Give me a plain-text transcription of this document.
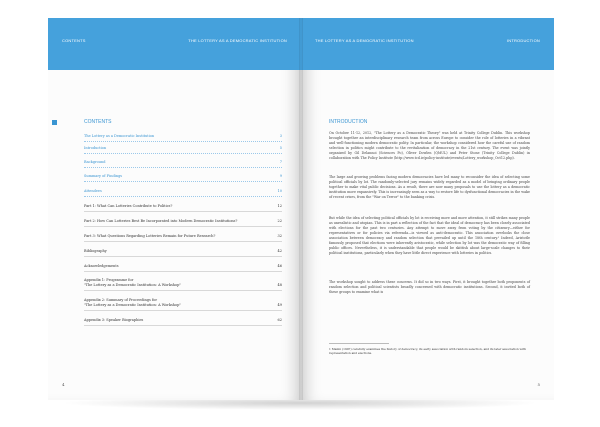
CONTENTS	THE LOTTERY AS A DEMOCRATIC INSTITUTION
CONTENTS
The Lottery as a Democratic Institution	3
Introduction	5
Background	7
Summary of Findings	9
Attendees	10
Part 1: What Can Lotteries Contribute to Politics?	12
Part 2: How Can Lotteries Best Be Incorporated into Modern Democratic Institutions?	22
Part 3: What Questions Regarding Lotteries Remain for Future Research?	32
Bibliography	42
Acknowledgements	46
Appendix 1: Programme for
"The Lottery as a Democratic Institution: A Workshop"	48
Appendix 2: Summary of Proceedings for
"The Lottery as a Democratic Institution: A Workshop"	49
Appendix 3: Speaker Biographies	62
4
THE LOTTERY AS A DEMOCRATIC INSTITUTION	INTRODUCTION
INTRODUCTION
On October 11-12, 2012, "The Lottery as a Democratic Theory" was held at Trinity College Dublin. This workshop brought together an interdisciplinary research team from across Europe to consider the role of lotteries in a vibrant and well-functioning modern democratic polity. In particular, the workshop considered how the careful use of random selection in politics might contribute to the revitalization of democracy in the 21st century. The event was jointly organized by Gil Delannoi (Sciences Po), Oliver Dowlen (QMUL) and Peter Stone (Trinity College Dublin) in collaboration with The Policy Institute (http://www.tcd.ie/policy-institute/events/Lottery_workshop_Oct12.php).
The large and growing problems facing modern democracies have led many to reconsider the idea of selecting some political officials by lot. The randomly-selected jury remains widely regarded as a model of bringing ordinary people together to make vital public decisions. As a result, there are now many proposals to use the lottery as a democratic institution more expansively. This is increasingly seen as a way to restore life to dysfunctional democracies in the wake of recent crises, from the "War on Terror" to the banking crisis.
But while the idea of selecting political officials by lot is receiving more and more attention, it still strikes many people as unrealistic and utopian. This is in part a reflection of the fact that the ideal of democracy has been closely associated with elections for the past two centuries. Any attempt to move away from voting by the citizenry—either for representatives or for policies via referenda—is viewed as anti-democratic. This association overlooks the close association between democracy and random selection that prevailed up until the 18th century.¹ Indeed, Aristotle famously proposed that elections were inherently aristocratic, while selection by lot was the democratic way of filling public offices. Nevertheless, it is understandable that people would be skittish about large-scale changes to their political institutions, particularly when they have little direct experience with lotteries in politics.
The workshop sought to address these concerns. It did so in two ways. First, it brought together both proponents of random selection and political scientists broadly concerned with democratic institutions. Second, it invited both of these groups to examine what is
1 Manin (1997) carefully examines the history of democracy, its early association with random selection, and its later association with representation and elections.
5
